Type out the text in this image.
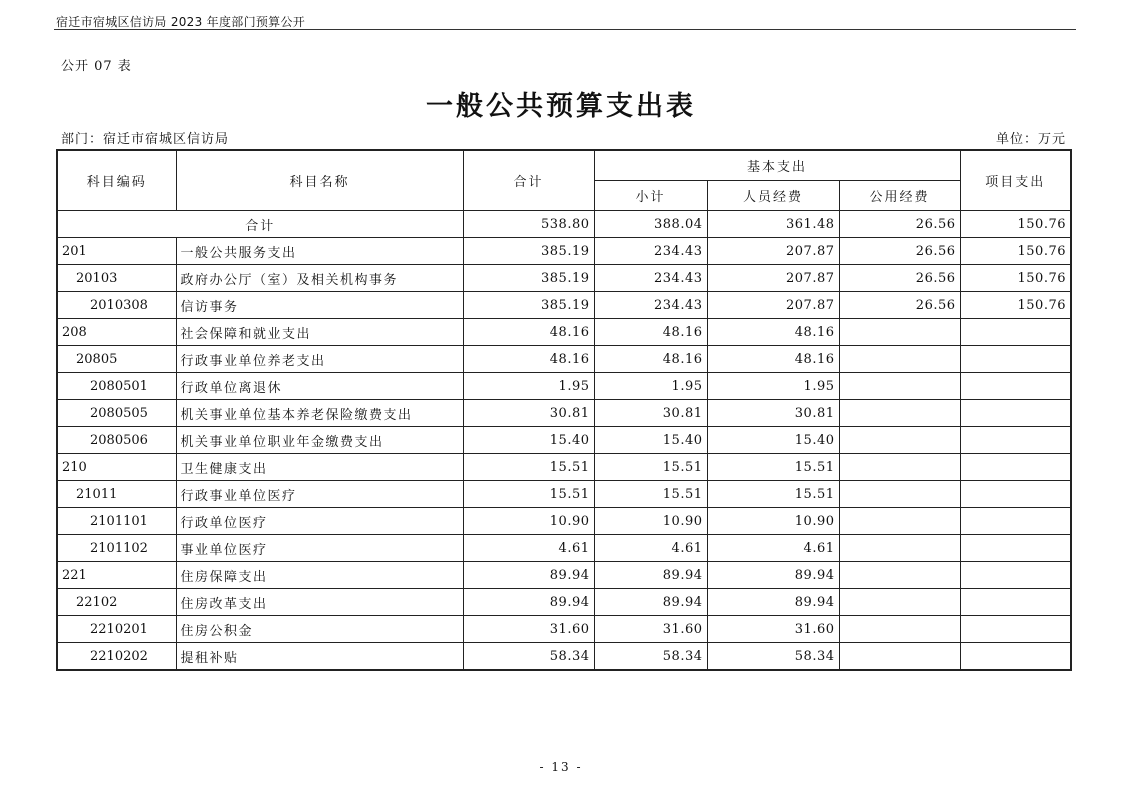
宿迁市宿城区信访局 2023 年度部门预算公开
公开 07 表
一般公共预算支出表
部门：宿迁市宿城区信访局	单位：万元
科目编码	科目名称	合计	基本支出			项目支出
			小计	人员经费	公用经费	
合计		538.80	388.04	361.48	26.56	150.76
201	一般公共服务支出	385.19	234.43	207.87	26.56	150.76
20103	政府办公厅（室）及相关机构事务	385.19	234.43	207.87	26.56	150.76
2010308	信访事务	385.19	234.43	207.87	26.56	150.76
208	社会保障和就业支出	48.16	48.16	48.16		
20805	行政事业单位养老支出	48.16	48.16	48.16		
2080501	行政单位离退休	1.95	1.95	1.95		
2080505	机关事业单位基本养老保险缴费支出	30.81	30.81	30.81		
2080506	机关事业单位职业年金缴费支出	15.40	15.40	15.40		
210	卫生健康支出	15.51	15.51	15.51		
21011	行政事业单位医疗	15.51	15.51	15.51		
2101101	行政单位医疗	10.90	10.90	10.90		
2101102	事业单位医疗	4.61	4.61	4.61		
221	住房保障支出	89.94	89.94	89.94		
22102	住房改革支出	89.94	89.94	89.94		
2210201	住房公积金	31.60	31.60	31.60		
2210202	提租补贴	58.34	58.34	58.34		
- 13 -
